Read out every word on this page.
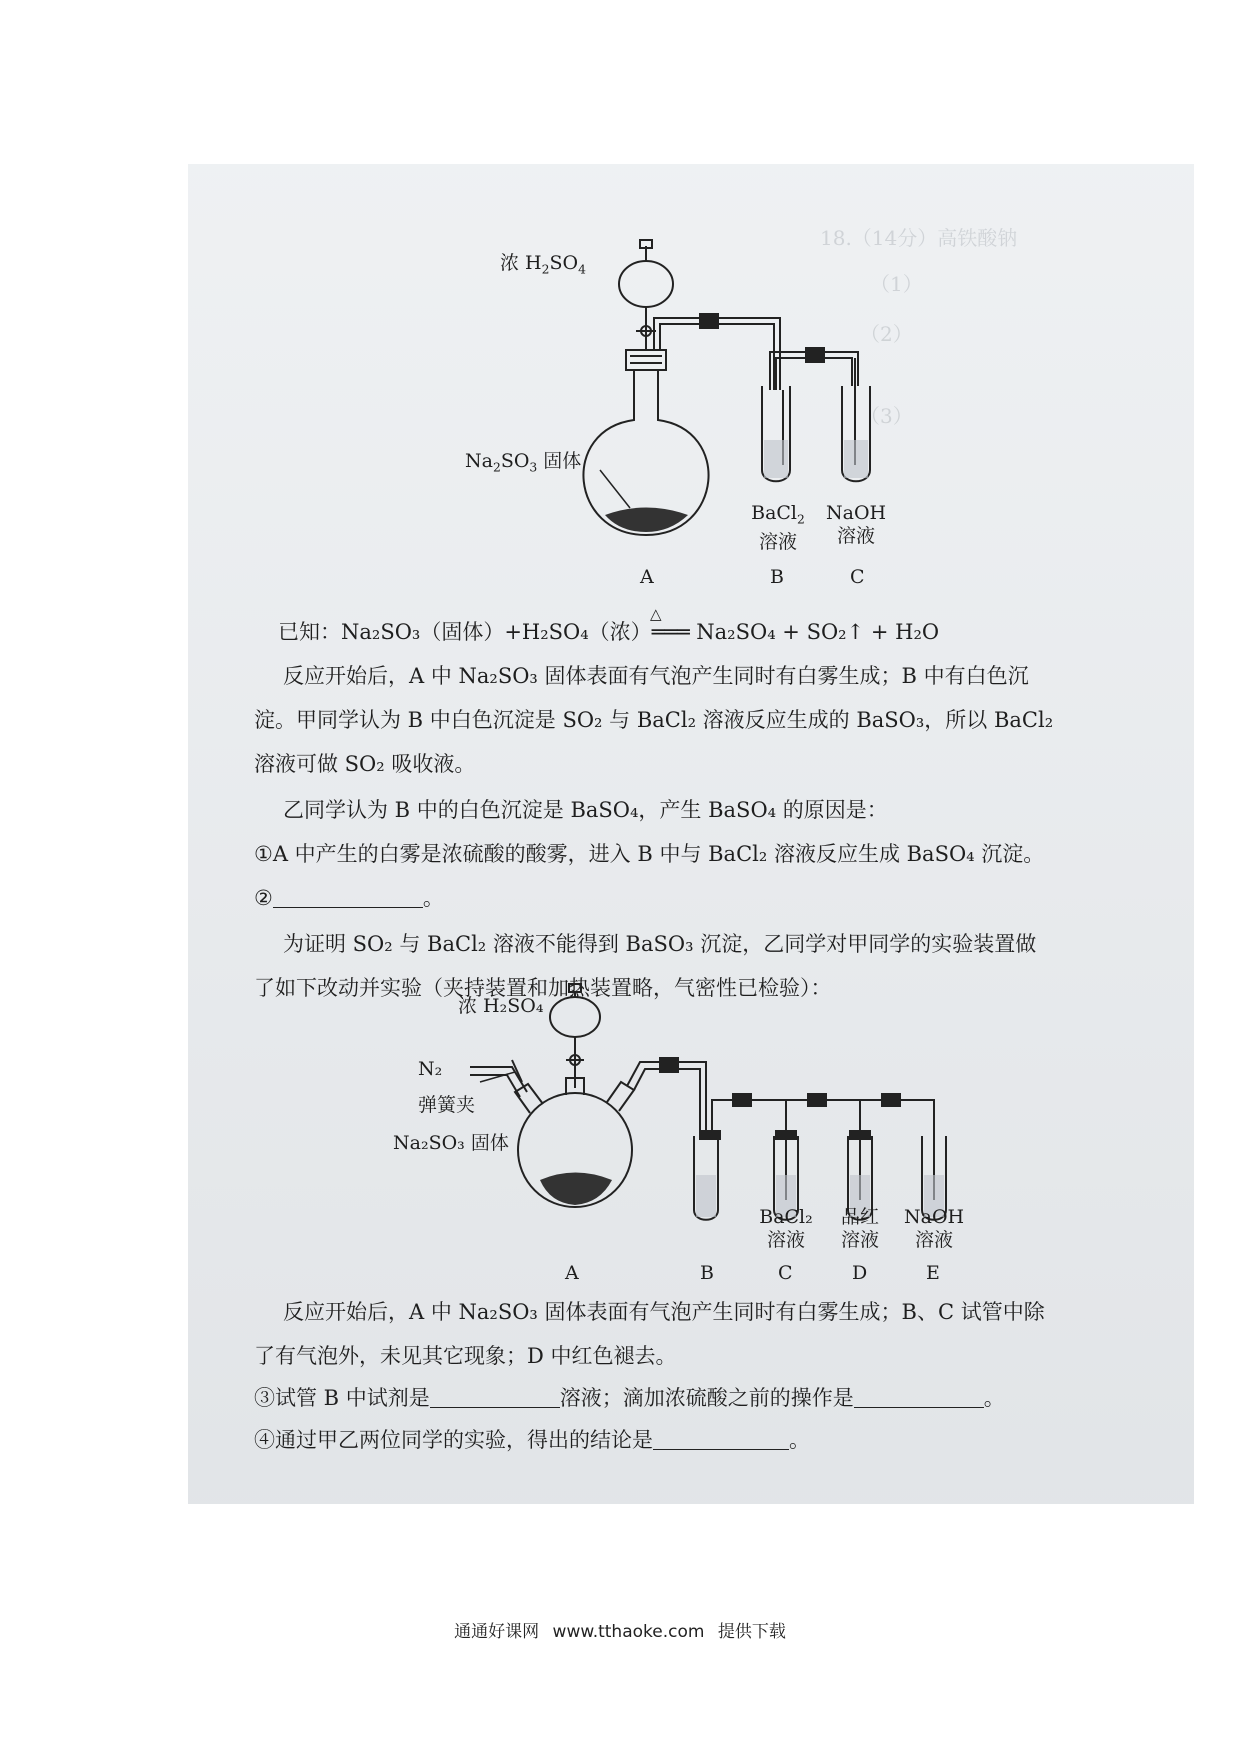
18.（14分）高铁酸钠
（1）
（2）
（3）
浓 $H_2SO_4$
$Na_2SO_3$ 固体
BaCl$_2$
溶液
NaOH
溶液
A	B	C
△
已知：Na₂SO₃（固体）+H₂SO₄（浓）═══ Na₂SO₄ + SO₂↑ + H₂O
反应开始后，A 中 Na₂SO₃ 固体表面有气泡产生同时有白雾生成；B 中有白色沉
淀。甲同学认为 B 中白色沉淀是 SO₂ 与 BaCl₂ 溶液反应生成的 BaSO₃，所以 BaCl₂
溶液可做 SO₂ 吸收液。
乙同学认为 B 中的白色沉淀是 BaSO₄，产生 BaSO₄ 的原因是：
①A 中产生的白雾是浓硫酸的酸雾，进入 B 中与 BaCl₂ 溶液反应生成 BaSO₄ 沉淀。
②	。
为证明 SO₂ 与 BaCl₂ 溶液不能得到 BaSO₃ 沉淀，乙同学对甲同学的实验装置做
了如下改动并实验（夹持装置和加热装置略，气密性已检验）：
浓 H₂SO₄
N₂
弹簧夹
Na₂SO₃ 固体
BaCl₂
溶液
品红
溶液
NaOH
溶液
A	B	C	D	E
反应开始后，A 中 Na₂SO₃ 固体表面有气泡产生同时有白雾生成；B、C 试管中除
了有气泡外，未见其它现象；D 中红色褪去。
③试管 B 中试剂是	溶液；滴加浓硫酸之前的操作是	。
④通过甲乙两位同学的实验，得出的结论是	。
通通好课网 www.tthaoke.com 提供下载
